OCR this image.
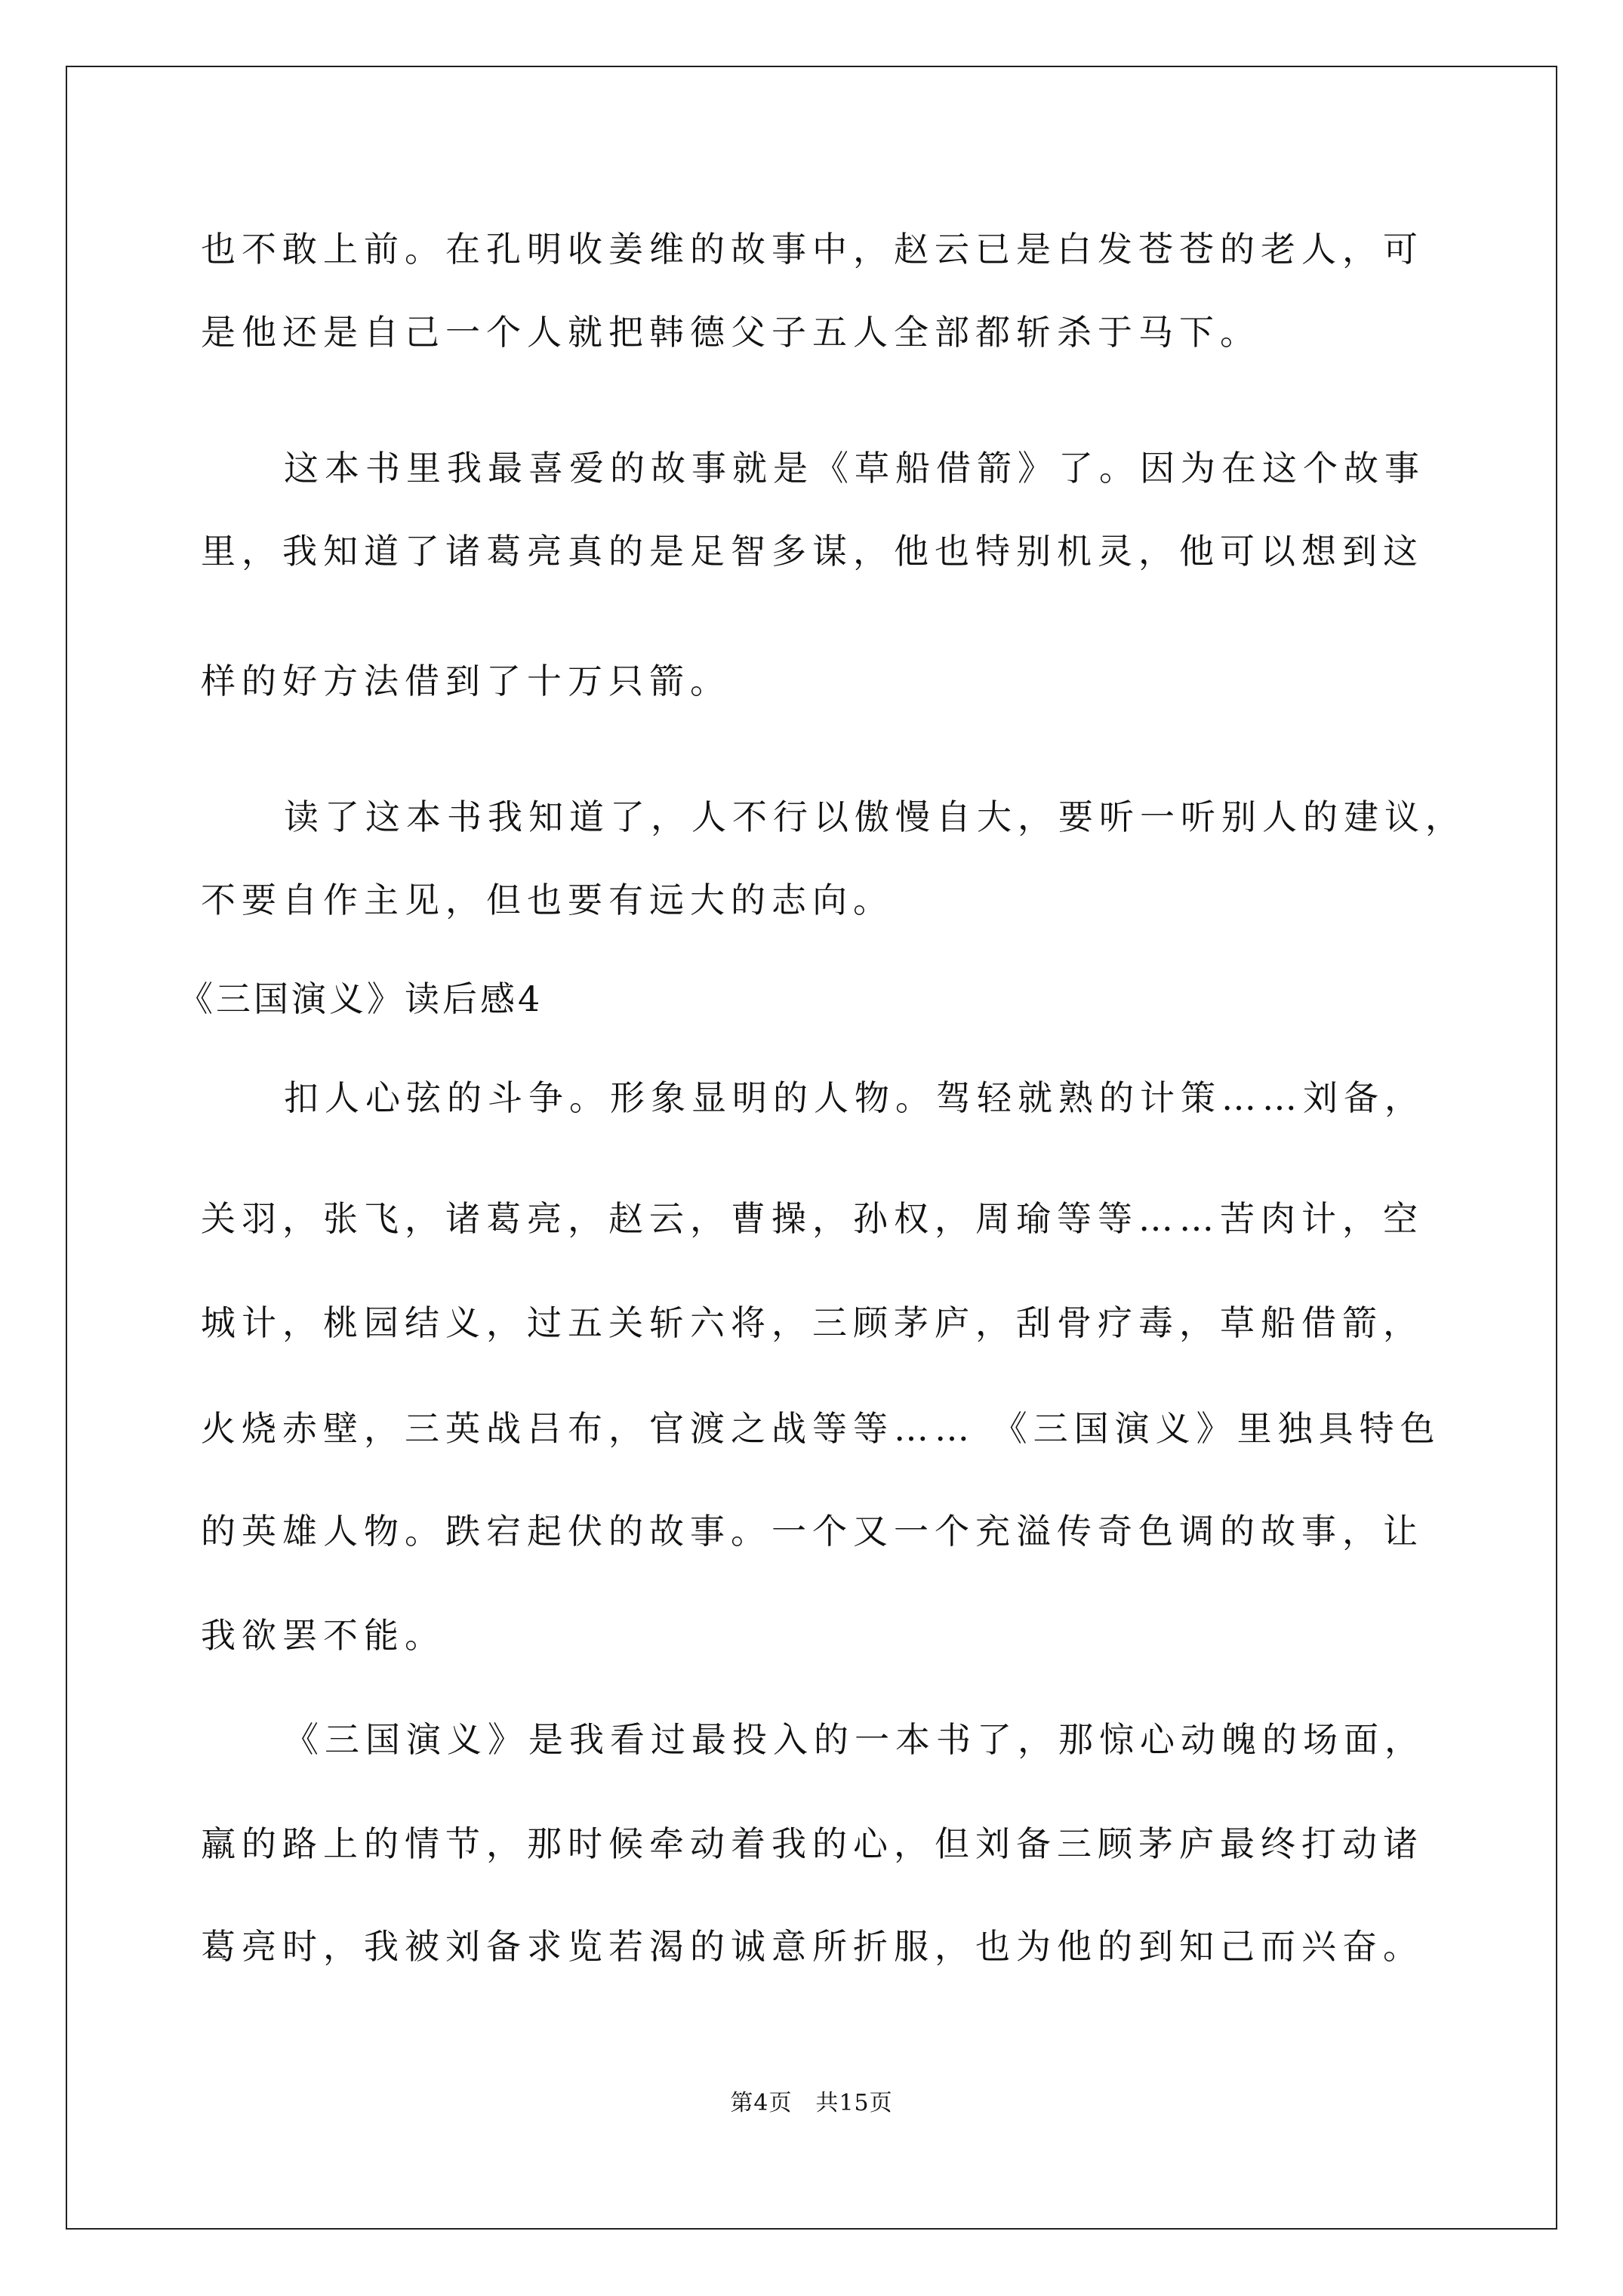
也不敢上前。在孔明收姜维的故事中，赵云已是白发苍苍的老人，可
是他还是自己一个人就把韩德父子五人全部都斩杀于马下。
这本书里我最喜爱的故事就是《草船借箭》了。因为在这个故事
里，我知道了诸葛亮真的是足智多谋，他也特别机灵，他可以想到这
样的好方法借到了十万只箭。
读了这本书我知道了，人不行以傲慢自大，要听一听别人的建议，
不要自作主见，但也要有远大的志向。
《三国演义》读后感4
扣人心弦的斗争。形象显明的人物。驾轻就熟的计策……刘备，
关羽，张飞，诸葛亮，赵云，曹操，孙权，周瑜等等……苦肉计，空
城计，桃园结义，过五关斩六将，三顾茅庐，刮骨疗毒，草船借箭，
火烧赤壁，三英战吕布，官渡之战等等…… 《三国演义》里独具特色
的英雄人物。跌宕起伏的故事。一个又一个充溢传奇色调的故事，让
我欲罢不能。
《三国演义》是我看过最投入的一本书了，那惊心动魄的场面，
羸的路上的情节，那时候牵动着我的心，但刘备三顾茅庐最终打动诸
葛亮时，我被刘备求览若渴的诚意所折服，也为他的到知己而兴奋。
第4页　共15页
